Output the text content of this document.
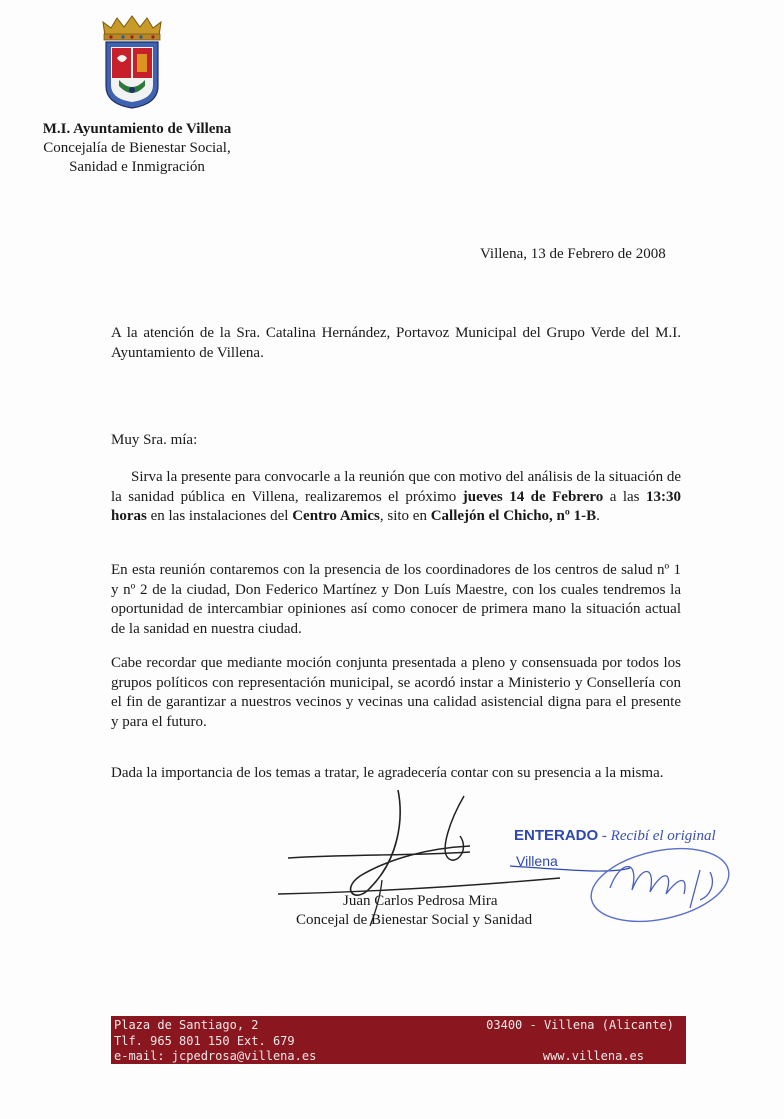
M.I. Ayuntamiento de Villena
Concejalía de Bienestar Social,
Sanidad e Inmigración
Villena, 13 de Febrero de 2008
A la atención de la Sra. Catalina Hernández, Portavoz Municipal del Grupo Verde del M.I. Ayuntamiento de Villena.
Muy Sra. mía:
Sirva la presente para convocarle a la reunión que con motivo del análisis de la situación de la sanidad pública en Villena, realizaremos el próximo jueves 14 de Febrero a las 13:30 horas en las instalaciones del Centro Amics, sito en Callejón el Chicho, nº 1-B.
En esta reunión contaremos con la presencia de los coordinadores de los centros de salud nº 1 y nº 2 de la ciudad, Don Federico Martínez y Don Luís Maestre, con los cuales tendremos la oportunidad de intercambiar opiniones así como conocer de primera mano la situación actual de la sanidad en nuestra ciudad.
Cabe recordar que mediante moción conjunta presentada a pleno y consensuada por todos los grupos políticos con representación municipal, se acordó instar a Ministerio y Consellería con el fin de garantizar a nuestros vecinos y vecinas una calidad asistencial digna para el presente y para el futuro.
Dada la importancia de los temas a tratar, le agradecería contar con su presencia a la misma.
ENTERADO - Recibí el original
Villena
Juan Carlos Pedrosa Mira
Concejal de Bienestar Social y Sanidad
Plaza de Santiago, 2
Tlf. 965 801 150 Ext. 679
e-mail: jcpedrosa@villena.es
03400 - Villena (Alicante)
www.villena.es
